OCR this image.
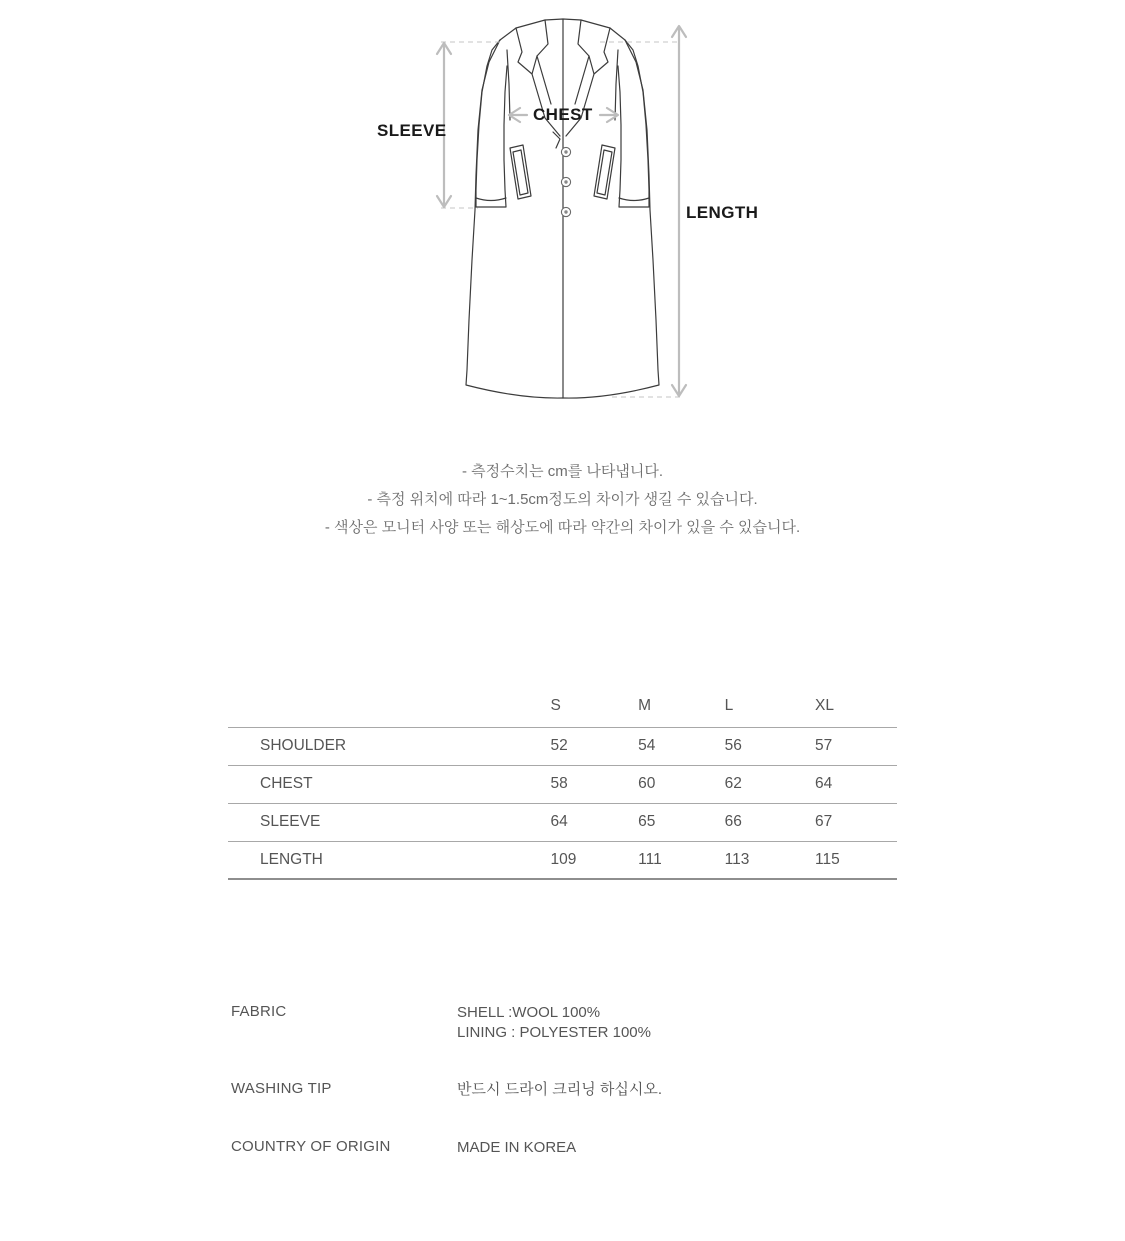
SLEEVE
CHEST
LENGTH
- 측정수치는 cm를 나타냅니다.
- 측정 위치에 따라 1~1.5cm정도의 차이가 생길 수 있습니다.
- 색상은 모니터 사양 또는 해상도에 따라 약간의 차이가 있을 수 있습니다.
	S	M	L	XL
SHOULDER	52	54	56	57
CHEST	58	60	62	64
SLEEVE	64	65	66	67
LENGTH	109	111	113	115
FABRIC	SHELL :WOOL 100%
LINING : POLYESTER 100%
WASHING TIP	반드시 드라이 크리닝 하십시오.
COUNTRY OF ORIGIN	MADE IN KOREA
